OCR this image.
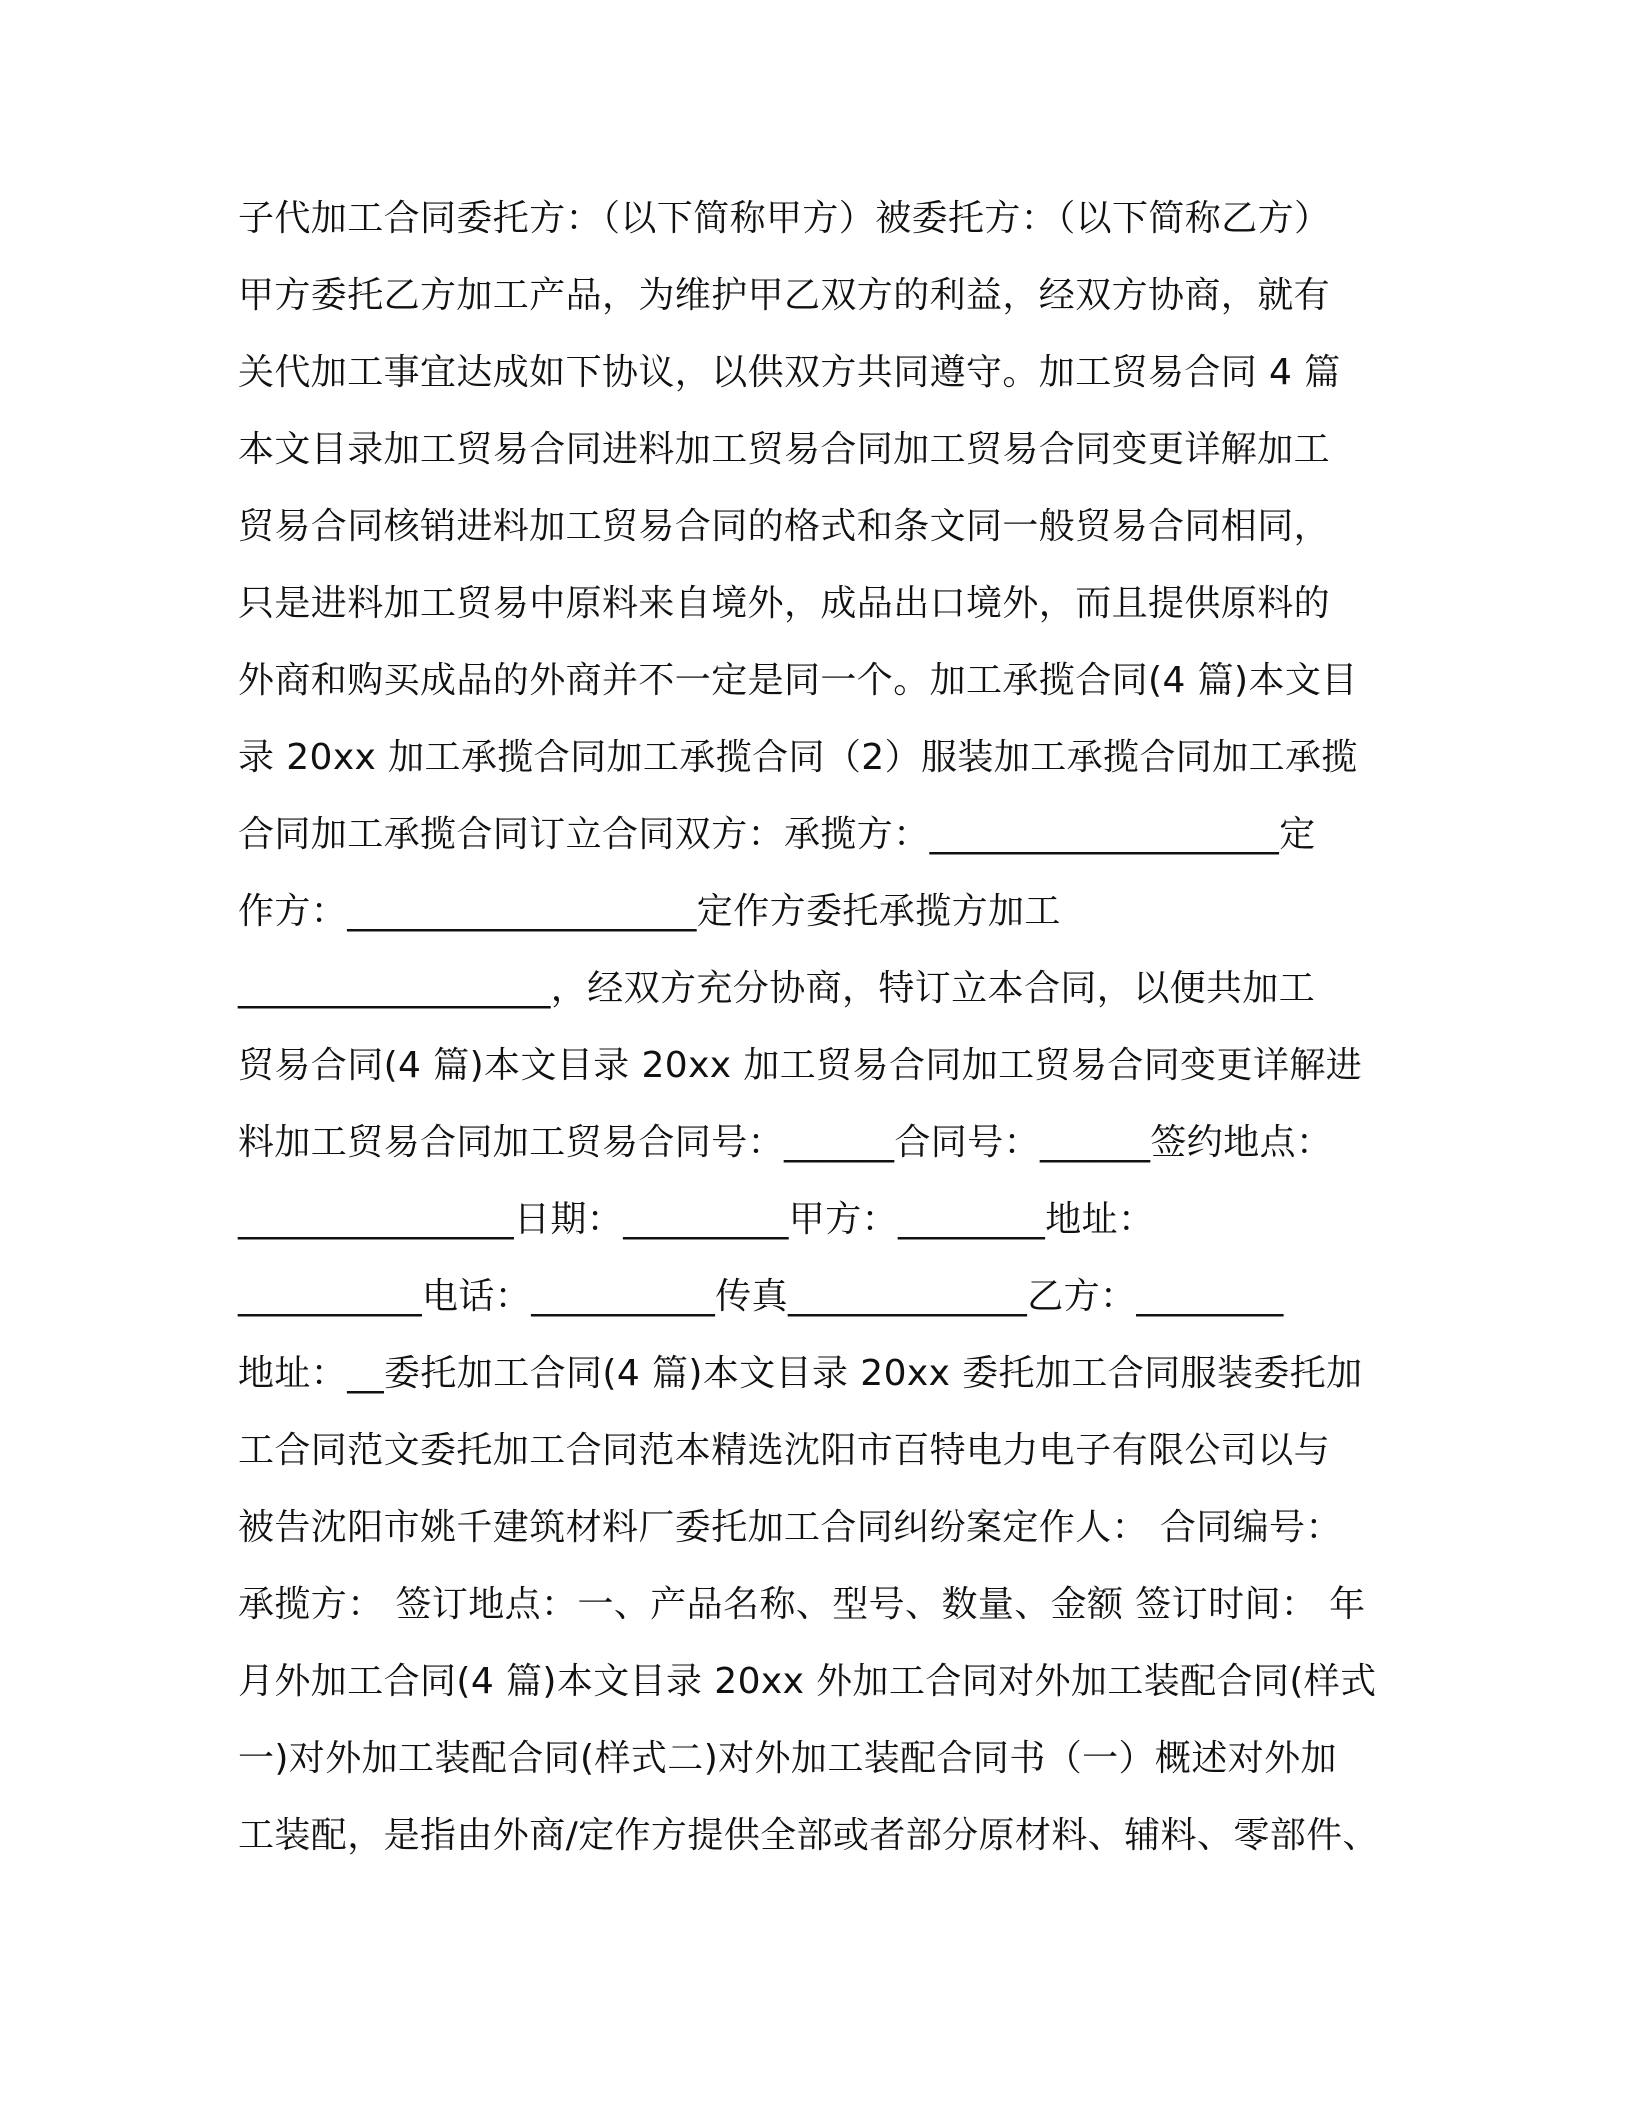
子代加工合同委托方：（以下简称甲方）被委托方：（以下简称乙方）
甲方委托乙方加工产品，为维护甲乙双方的利益，经双方协商，就有
关代加工事宜达成如下协议，以供双方共同遵守。加工贸易合同 4 篇
本文目录加工贸易合同进料加工贸易合同加工贸易合同变更详解加工
贸易合同核销进料加工贸易合同的格式和条文同一般贸易合同相同，
只是进料加工贸易中原料来自境外，成品出口境外，而且提供原料的
外商和购买成品的外商并不一定是同一个。加工承揽合同(4 篇)本文目
录 20xx 加工承揽合同加工承揽合同（2）服装加工承揽合同加工承揽
合同加工承揽合同订立合同双方：承揽方：___________________定
作方：___________________定作方委托承揽方加工
_________________，经双方充分协商，特订立本合同，以便共加工
贸易合同(4 篇)本文目录 20xx 加工贸易合同加工贸易合同变更详解进
料加工贸易合同加工贸易合同号：______合同号：______签约地点：
_______________日期：_________甲方：________地址：
__________电话：__________传真_____________乙方：________
地址：__委托加工合同(4 篇)本文目录 20xx 委托加工合同服装委托加
工合同范文委托加工合同范本精选沈阳市百特电力电子有限公司以与
被告沈阳市姚千建筑材料厂委托加工合同纠纷案定作人： 合同编号：
承揽方： 签订地点：一、产品名称、型号、数量、金额 签订时间： 年
月外加工合同(4 篇)本文目录 20xx 外加工合同对外加工装配合同(样式
一)对外加工装配合同(样式二)对外加工装配合同书（一）概述对外加
工装配，是指由外商/定作方提供全部或者部分原材料、辅料、零部件、
